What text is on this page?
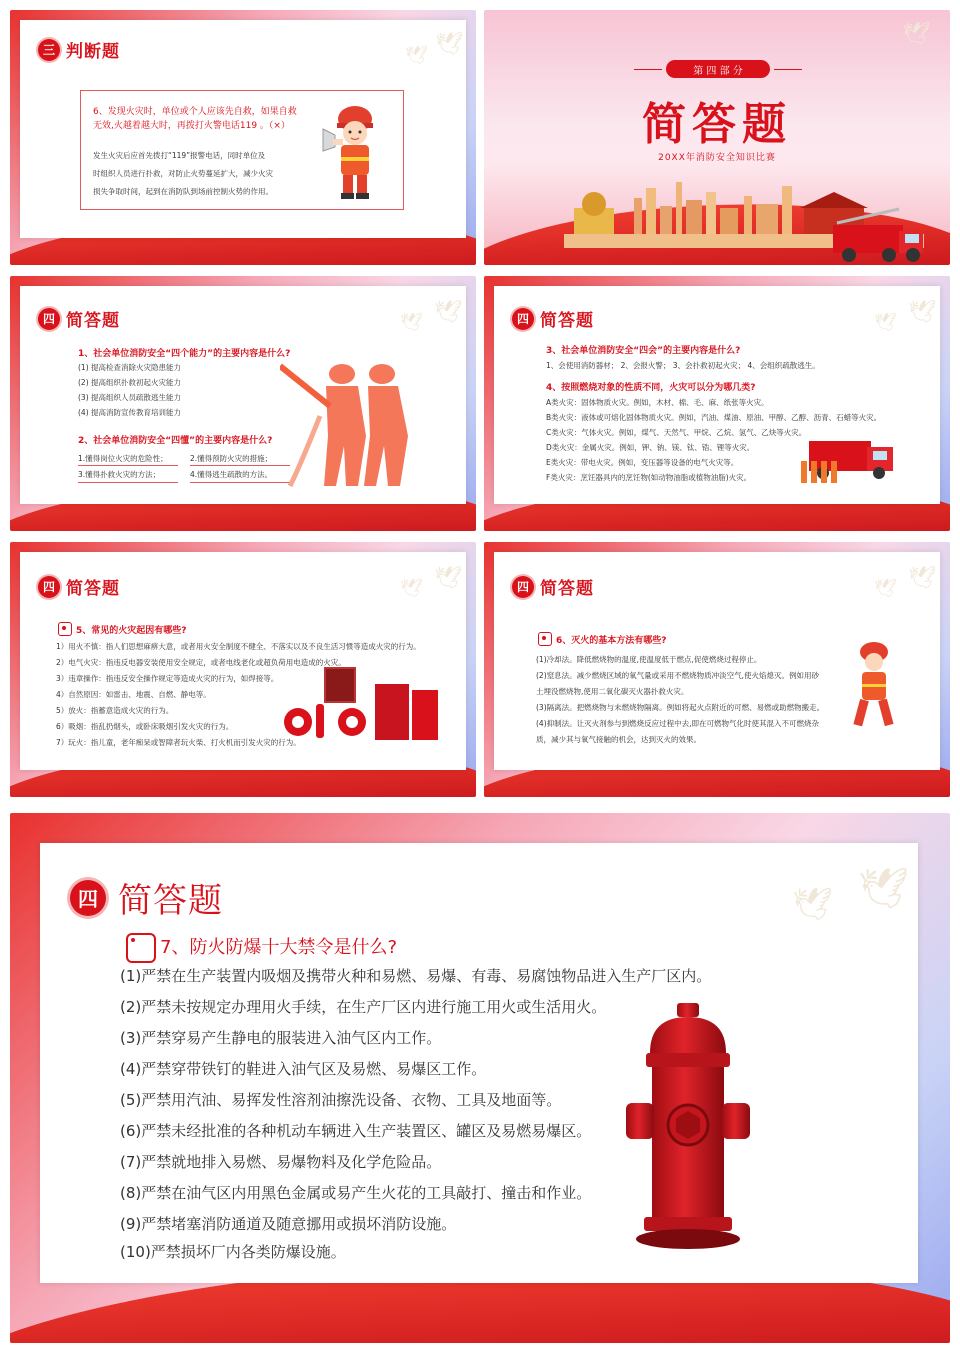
三 判断题	🕊 🕊
6、发现火灾时，单位或个人应该先自救，如果自救无效,火越着越大时，再拨打火警电话119 。（×）
发生火灾后应首先拨打“119”报警电话，同时单位及
时组织人员进行扑救，对防止火势蔓延扩大，减少火灾
损失争取时间，起到在消防队到场前控制火势的作用。
第 四 部 分
简答题
20XX年消防安全知识比赛
🕊
四 简答题	🕊 🕊
1、社会单位消防安全“四个能力”的主要内容是什么?
(1) 提高检查消除火灾隐患能力
(2) 提高组织扑救初起火灾能力
(3) 提高组织人员疏散逃生能力
(4) 提高消防宣传教育培训能力
2、社会单位消防安全“四懂”的主要内容是什么?
1.懂得岗位火灾的危险性；	2.懂得预防火灾的措施；
3.懂得扑救火灾的方法；	4.懂得逃生疏散的方法。
四 简答题	🕊 🕊
3、社会单位消防安全“四会”的主要内容是什么?
1、会使用消防器材； 2、会报火警； 3、会扑救初起火灾； 4、会组织疏散逃生。
4、按照燃烧对象的性质不同，火灾可以分为哪几类?
A类火灾：固体物质火灾。例如，木材、棉、毛、麻、纸张等火灾。
B类火灾：液体或可熔化固体物质火灾。例如，汽油、煤油、原油、甲醇、乙醇、沥青、石蜡等火灾。
C类火灾：气体火灾。例如，煤气、天然气、甲烷、乙烷、氢气、乙炔等火灾。
D类火灾：金属火灾。例如，钾、钠、镁、钛、锆、锂等火灾。
E类火灾：带电火灾。例如，变压器等设备的电气火灾等。
F类火灾：烹饪器具内的烹饪物(如动物油脂或植物油脂)火灾。
四 简答题	🕊 🕊
5、常见的火灾起因有哪些?
1）用火不慎：指人们思想麻痹大意，或者用火安全制度不健全、不落实以及不良生活习惯等造成火灾的行为。
2）电气火灾：指违反电器安装使用安全规定，或者电线老化或超负荷用电造成的火灾。
3）违章操作：指违反安全操作规定等造成火灾的行为，如焊接等。
4）自然原因：如雷击、地震、自燃、静电等。
5）放火：指蓄意造成火灾的行为。
6）吸烟：指乱扔烟头，或卧床吸烟引发火灾的行为。
7）玩火：指儿童，老年痴呆或智障者玩火柴、打火机而引发火灾的行为。
四 简答题	🕊 🕊
6、灭火的基本方法有哪些?
(1)冷却法。降低燃烧物的温度,使温度低于燃点,促使燃烧过程停止。
(2)窒息法。减少燃烧区域的氧气量或采用不燃烧物质冲淡空气,使火焰熄灭。例如用砂
土埋没燃烧物,使用二氧化碳灭火器扑救火灾。
(3)隔离法。把燃烧物与未燃烧物隔离。例如将起火点附近的可燃、易燃或助燃物搬走。
(4)抑制法。让灭火剂参与到燃烧反应过程中去,即在可燃物气化时使其混入不可燃烧杂
质，减少其与氧气接触的机会，达到灭火的效果。
四 简答题	🕊 🕊
7、防火防爆十大禁令是什么?
(1)严禁在生产装置内吸烟及携带火种和易燃、易爆、有毒、易腐蚀物品进入生产厂区内。
(2)严禁未按规定办理用火手续，在生产厂区内进行施工用火或生活用火。
(3)严禁穿易产生静电的服装进入油气区内工作。
(4)严禁穿带铁钉的鞋进入油气区及易燃、易爆区工作。
(5)严禁用汽油、易挥发性溶剂油擦洗设备、衣物、工具及地面等。
(6)严禁未经批准的各种机动车辆进入生产装置区、罐区及易燃易爆区。
(7)严禁就地排入易燃、易爆物料及化学危险品。
(8)严禁在油气区内用黑色金属或易产生火花的工具敲打、撞击和作业。
(9)严禁堵塞消防通道及随意挪用或损坏消防设施。
(10)严禁损坏厂内各类防爆设施。
